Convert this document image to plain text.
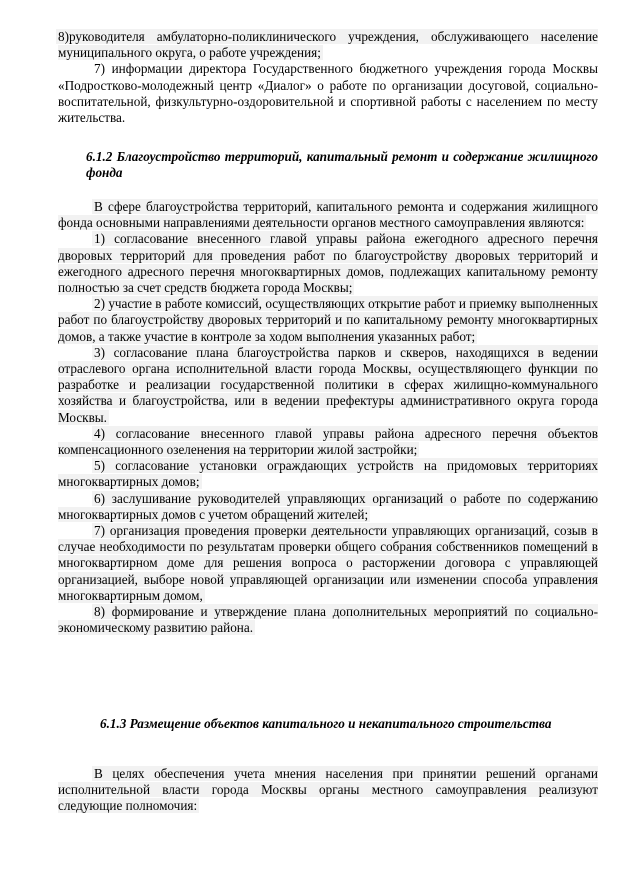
8)руководителя амбулаторно-поликлинического учреждения, обслуживающего население муниципального округа, о работе учреждения;

7) информации директора Государственного бюджетного учреждения города Москвы «Подростково-молодежный центр «Диалог» о работе по организации досуговой, социально-воспитательной, физкультурно-оздоровительной и спортивной работы с населением по месту жительства.

6.1.2 Благоустройство территорий, капитальный ремонт и содержание жилищного фонда

В сфере благоустройства территорий, капитального ремонта и содержания жилищного фонда основными направлениями деятельности органов местного самоуправления являются:

1) согласование внесенного главой управы района ежегодного адресного перечня дворовых территорий для проведения работ по благоустройству дворовых территорий и ежегодного адресного перечня многоквартирных домов, подлежащих капитальному ремонту полностью за счет средств бюджета города Москвы;

2) участие в работе комиссий, осуществляющих открытие работ и приемку выполненных работ по благоустройству дворовых территорий и по капитальному ремонту многоквартирных домов, а также участие в контроле за ходом выполнения указанных работ;

3) согласование плана благоустройства парков и скверов, находящихся в ведении отраслевого органа исполнительной власти города Москвы, осуществляющего функции по разработке и реализации государственной политики в сферах жилищно-коммунального хозяйства и благоустройства, или в ведении префектуры административного округа города Москвы.

4) согласование внесенного главой управы района адресного перечня объектов компенсационного озеленения на территории жилой застройки;

5) согласование установки ограждающих устройств на придомовых территориях многоквартирных домов;

6) заслушивание руководителей управляющих организаций о работе по содержанию многоквартирных домов с учетом обращений жителей;

7) организация проведения проверки деятельности управляющих организаций, созыв в случае необходимости по результатам проверки общего собрания собственников помещений в многоквартирном доме для решения вопроса о расторжении договора с управляющей организацией, выборе новой управляющей организации или изменении способа управления многоквартирным домом,

8) формирование и утверждение плана дополнительных мероприятий по социально-экономическому развитию района.

6.1.3 Размещение объектов капитального и некапитального строительства

В целях обеспечения учета мнения населения при принятии решений органами исполнительной власти города Москвы органы местного самоуправления реализуют следующие полномочия:
